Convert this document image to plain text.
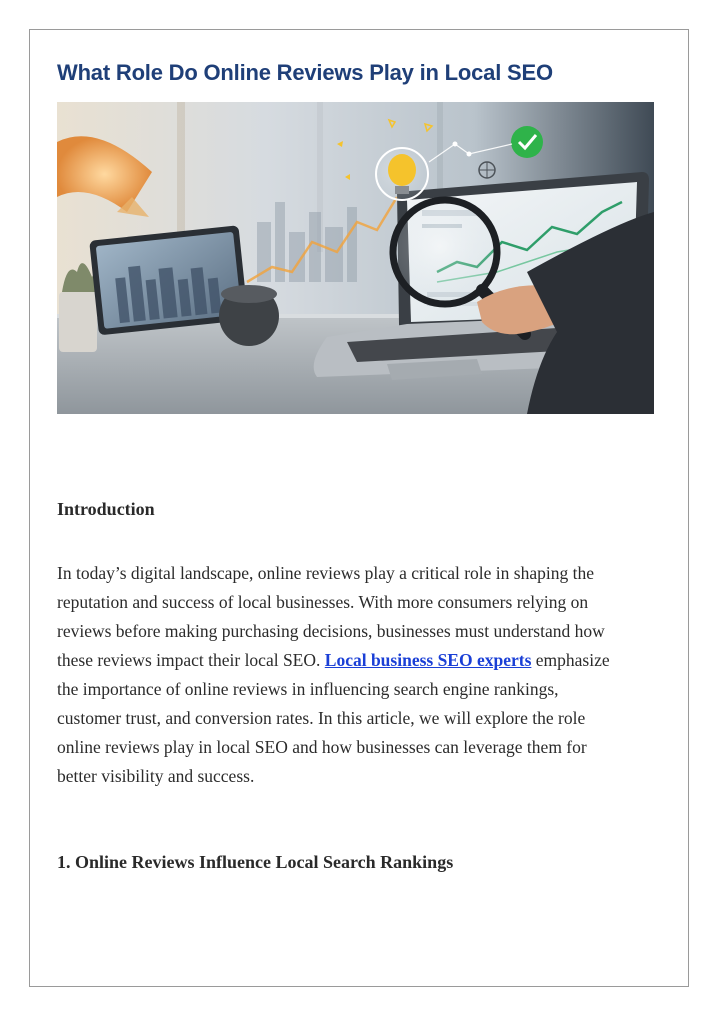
What Role Do Online Reviews Play in Local SEO
Introduction

In today’s digital landscape, online reviews play a critical role in shaping the reputation and success of local businesses. With more consumers relying on reviews before making purchasing decisions, businesses must understand how these reviews impact their local SEO. Local business SEO experts emphasize the importance of online reviews in influencing search engine rankings, customer trust, and conversion rates. In this article, we will explore the role online reviews play in local SEO and how businesses can leverage them for better visibility and success.

1. Online Reviews Influence Local Search Rankings
